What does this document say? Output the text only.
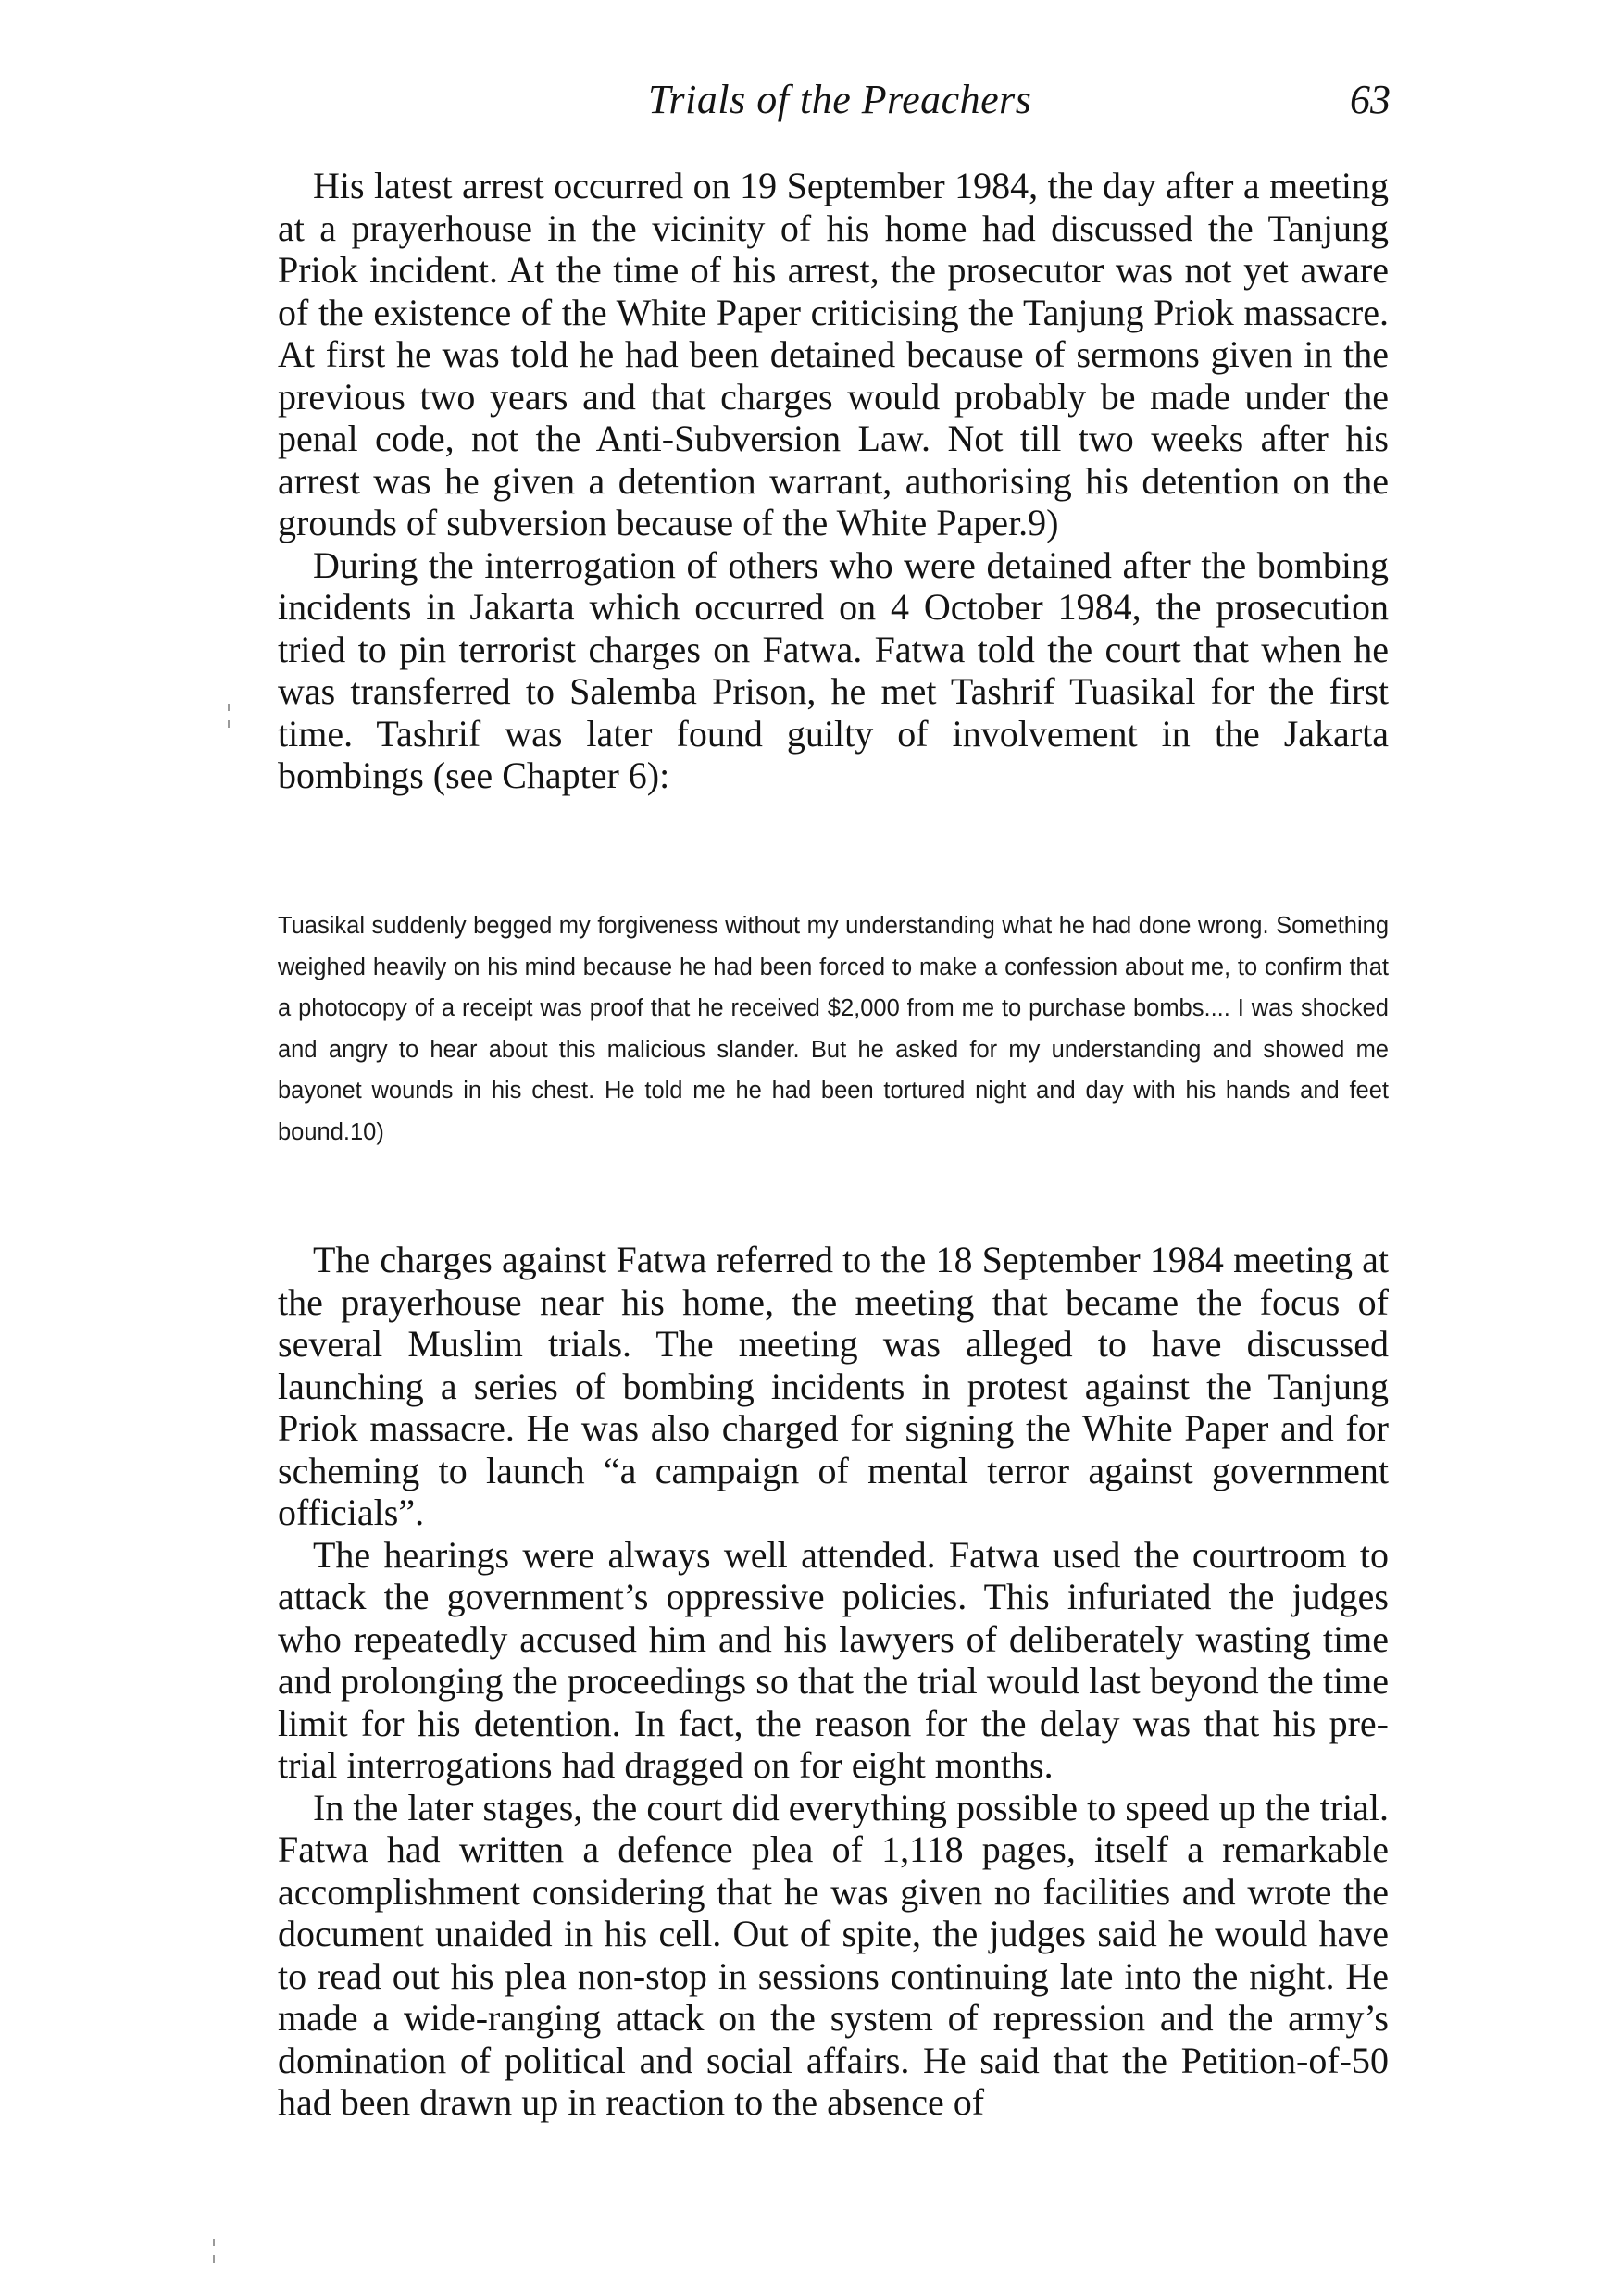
Trials of the Preachers	63

His latest arrest occurred on 19 September 1984, the day after a meeting at a prayerhouse in the vicinity of his home had discussed the Tanjung Priok incident. At the time of his arrest, the prosecutor was not yet aware of the existence of the White Paper criticising the Tanjung Priok massacre. At first he was told he had been detained because of sermons given in the previous two years and that charges would probably be made under the penal code, not the Anti-Subversion Law. Not till two weeks after his arrest was he given a detention warrant, authorising his detention on the grounds of subversion because of the White Paper.9)

During the interrogation of others who were detained after the bombing incidents in Jakarta which occurred on 4 October 1984, the prosecution tried to pin terrorist charges on Fatwa. Fatwa told the court that when he was transferred to Salemba Prison, he met Tashrif Tuasikal for the first time. Tashrif was later found guilty of involvement in the Jakarta bombings (see Chapter 6):

Tuasikal suddenly begged my forgiveness without my understanding what he had done wrong. Something weighed heavily on his mind because he had been forced to make a confession about me, to confirm that a photocopy of a receipt was proof that he received $2,000 from me to purchase bombs.... I was shocked and angry to hear about this malicious slander. But he asked for my understanding and showed me bayonet wounds in his chest. He told me he had been tortured night and day with his hands and feet bound.10)

The charges against Fatwa referred to the 18 September 1984 meeting at the prayerhouse near his home, the meeting that became the focus of several Muslim trials. The meeting was alleged to have discussed launching a series of bombing incidents in protest against the Tanjung Priok massacre. He was also charged for signing the White Paper and for scheming to launch “a campaign of mental terror against government officials”.

The hearings were always well attended. Fatwa used the courtroom to attack the government’s oppressive policies. This infuriated the judges who repeatedly accused him and his lawyers of deliberately wasting time and prolonging the proceedings so that the trial would last beyond the time limit for his detention. In fact, the reason for the delay was that his pre-trial interrogations had dragged on for eight months.

In the later stages, the court did everything possible to speed up the trial. Fatwa had written a defence plea of 1,118 pages, itself a remarkable accomplishment considering that he was given no facilities and wrote the document unaided in his cell. Out of spite, the judges said he would have to read out his plea non-stop in sessions continuing late into the night. He made a wide-ranging attack on the system of repression and the army’s domination of political and social affairs. He said that the Petition-of-50 had been drawn up in reaction to the absence of
